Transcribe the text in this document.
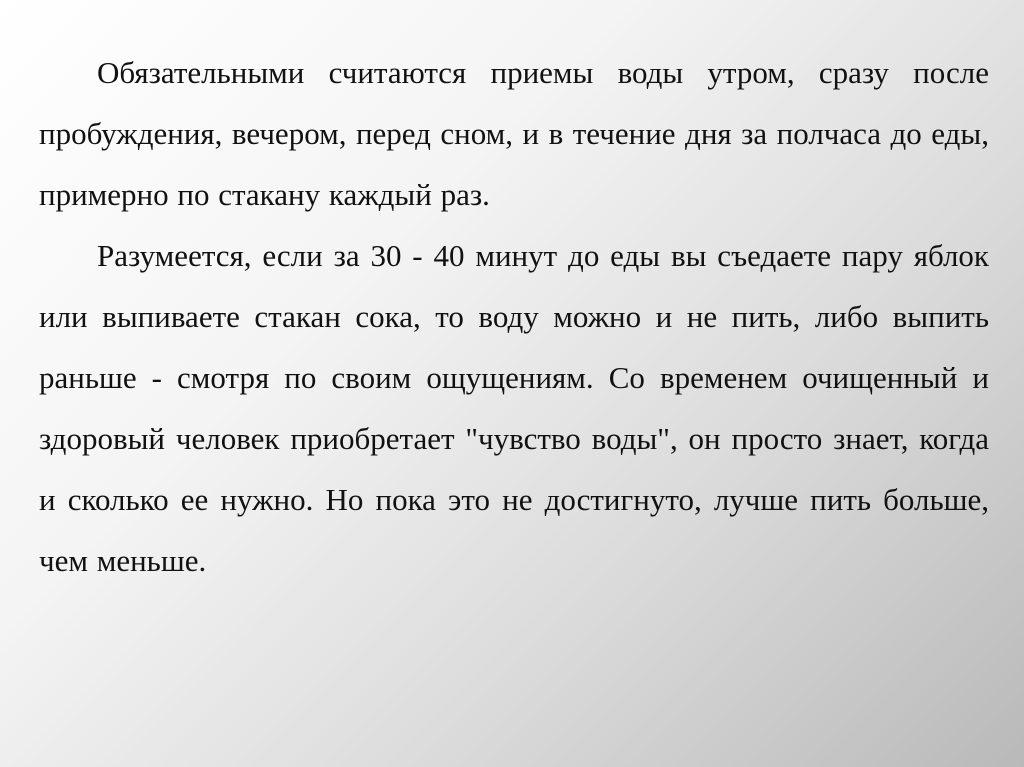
Обязательными считаются приемы воды утром, сразу после пробуждения, вечером, перед сном, и в течение дня за полчаса до еды, примерно по стакану каждый раз.

Разумеется, если за 30 - 40 минут до еды вы съедаете пару яблок или выпиваете стакан сока, то воду можно и не пить, либо выпить раньше - смотря по своим ощущениям. Со временем очищенный и здоровый человек приобретает "чувство воды", он просто знает, когда и сколько ее нужно. Но пока это не достигнуто, лучше пить больше, чем меньше.
